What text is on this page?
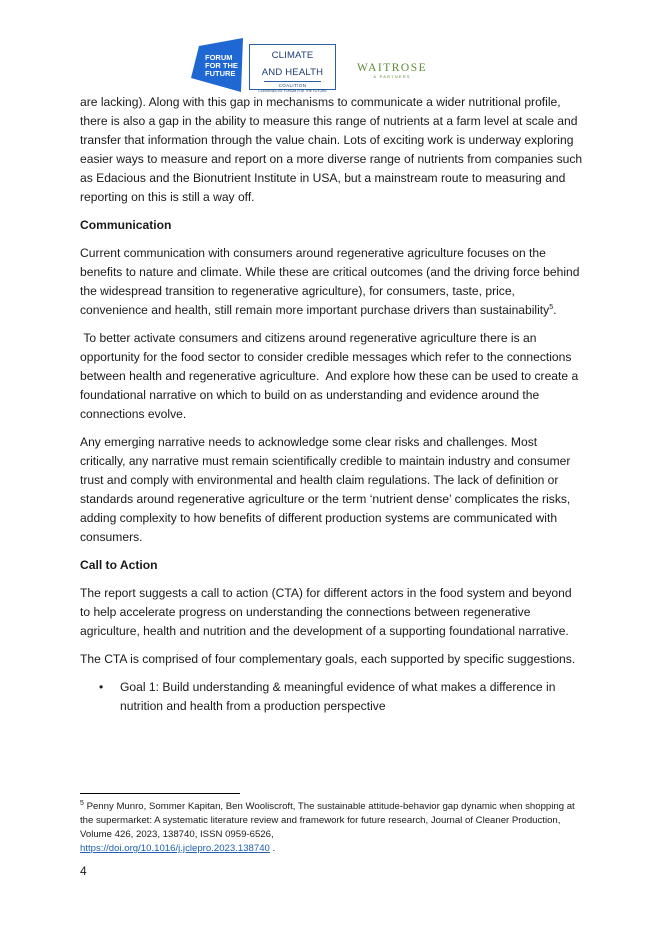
FORUM
FOR THE
FUTURE
CLIMATE
AND HEALTH
COALITION
CONVENED BY FORUM FOR THE FUTURE
WAITROSE
& PARTNERS

are lacking). Along with this gap in mechanisms to communicate a wider nutritional profile, there is also a gap in the ability to measure this range of nutrients at a farm level at scale and transfer that information through the value chain. Lots of exciting work is underway exploring easier ways to measure and report on a more diverse range of nutrients from companies such as Edacious and the Bionutrient Institute in USA, but a mainstream route to measuring and reporting on this is still a way off.

Communication

Current communication with consumers around regenerative agriculture focuses on the benefits to nature and climate. While these are critical outcomes (and the driving force behind the widespread transition to regenerative agriculture), for consumers, taste, price, convenience and health, still remain more important purchase drivers than sustainability$^5$.

To better activate consumers and citizens around regenerative agriculture there is an opportunity for the food sector to consider credible messages which refer to the connections between health and regenerative agriculture.  And explore how these can be used to create a foundational narrative on which to build on as understanding and evidence around the connections evolve.

Any emerging narrative needs to acknowledge some clear risks and challenges. Most critically, any narrative must remain scientifically credible to maintain industry and consumer trust and comply with environmental and health claim regulations. The lack of definition or standards around regenerative agriculture or the term ‘nutrient dense’ complicates the risks, adding complexity to how benefits of different production systems are communicated with consumers.

Call to Action

The report suggests a call to action (CTA) for different actors in the food system and beyond to help accelerate progress on understanding the connections between regenerative agriculture, health and nutrition and the development of a supporting foundational narrative.

The CTA is comprised of four complementary goals, each supported by specific suggestions.

• Goal 1: Build understanding & meaningful evidence of what makes a difference in nutrition and health from a production perspective
$^5$ Penny Munro, Sommer Kapitan, Ben Wooliscroft, The sustainable attitude-behavior gap dynamic when shopping at the supermarket: A systematic literature review and framework for future research, Journal of Cleaner Production, Volume 426, 2023, 138740, ISSN 0959-6526,
https://doi.org/10.1016/j.jclepro.2023.138740 .
4
